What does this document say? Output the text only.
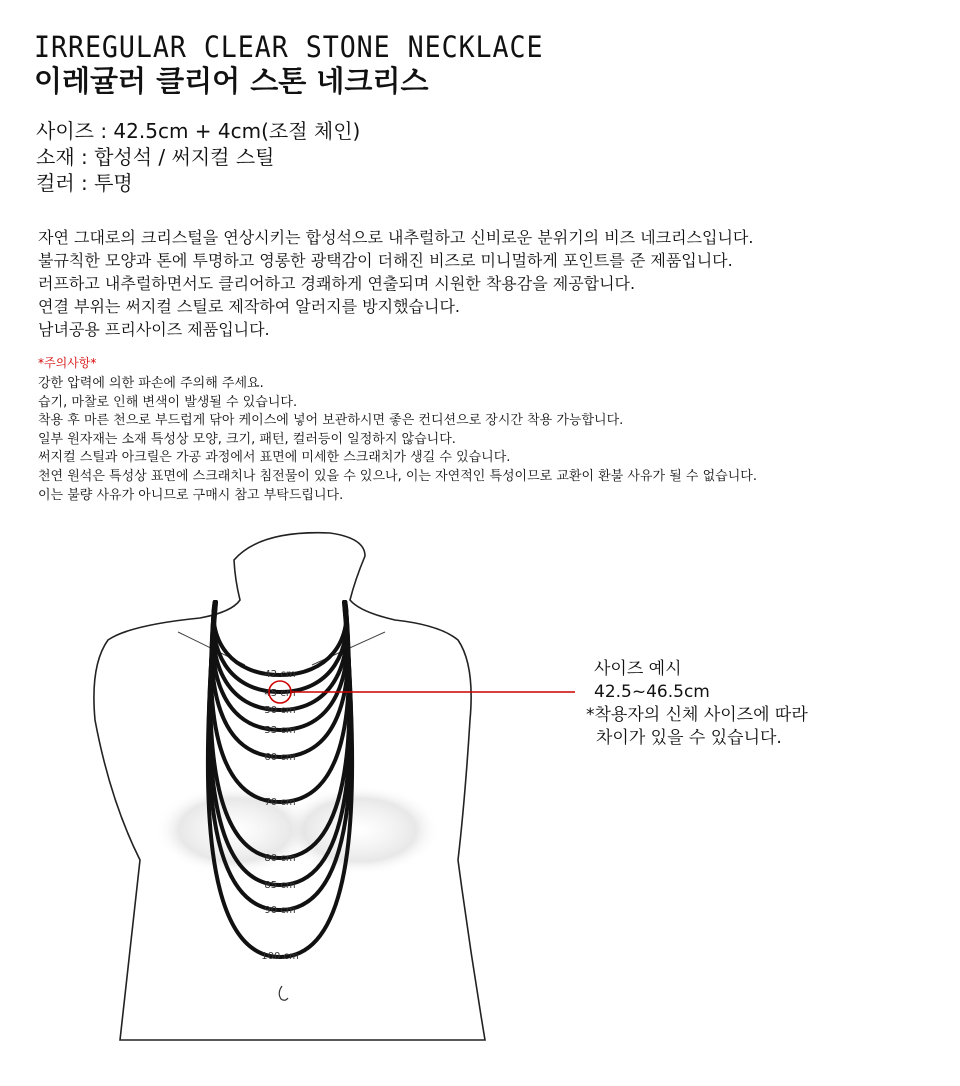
IRREGULAR CLEAR STONE NECKLACE
이레귤러 클리어 스톤 네크리스
사이즈 : 42.5cm + 4cm(조절 체인)
소재 : 합성석 / 써지컬 스틸
컬러 : 투명
자연 그대로의 크리스털을 연상시키는 합성석으로 내추럴하고 신비로운 분위기의 비즈 네크리스입니다.
불규칙한 모양과 톤에 투명하고 영롱한 광택감이 더해진 비즈로 미니멀하게 포인트를 준 제품입니다.
러프하고 내추럴하면서도 클리어하고 경쾌하게 연출되며 시원한 착용감을 제공합니다.
연결 부위는 써지컬 스틸로 제작하여 알러지를 방지했습니다.
남녀공용 프리사이즈 제품입니다.
*주의사항*
강한 압력에 의한 파손에 주의해 주세요.
습기, 마찰로 인해 변색이 발생될 수 있습니다.
착용 후 마른 천으로 부드럽게 닦아 케이스에 넣어 보관하시면 좋은 컨디션으로 장시간 착용 가능합니다.
일부 원자재는 소재 특성상 모양, 크기, 패턴, 컬러등이 일정하지 않습니다.
써지컬 스틸과 아크릴은 가공 과정에서 표면에 미세한 스크래치가 생길 수 있습니다.
천연 원석은 특성상 표면에 스크래치나 침전물이 있을 수 있으나, 이는 자연적인 특성이므로 교환이 환불 사유가 될 수 없습니다.
이는 불량 사유가 아니므로 구매시 참고 부탁드립니다.
42 cm
45 cm
50 cm
53 cm
60 cm
70 cm
80 cm
85 cm
90 cm
100 cm
사이즈 예시
42.5~46.5cm
*착용자의 신체 사이즈에 따라
차이가 있을 수 있습니다.
